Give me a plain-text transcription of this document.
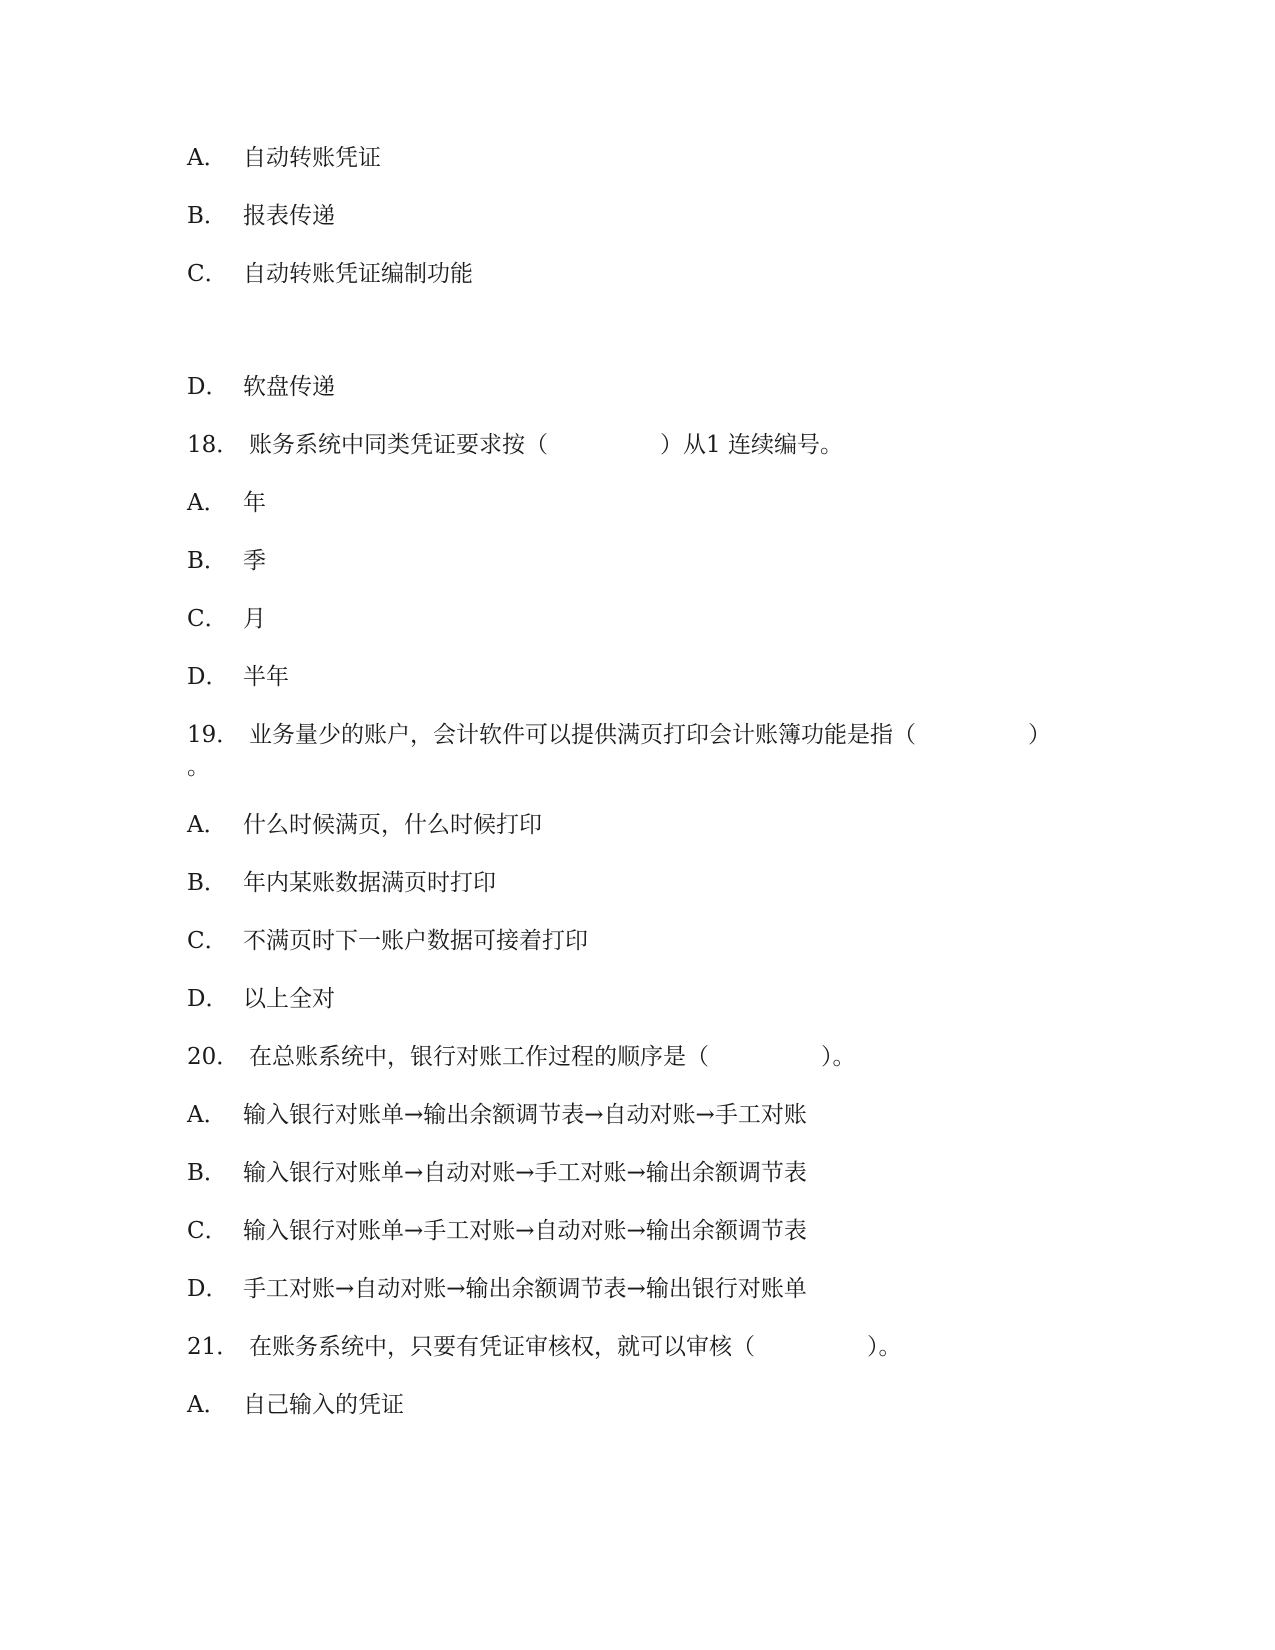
A． 自动转账凭证
B． 报表传递
C． 自动转账凭证编制功能
D． 软盘传递
18． 账务系统中同类凭证要求按（	）从1 连续编号。
A． 年
B． 季
C． 月
D． 半年
19． 业务量少的账户，会计软件可以提供满页打印会计账簿功能是指（	）
。
A． 什么时候满页，什么时候打印
B． 年内某账数据满页时打印
C． 不满页时下一账户数据可接着打印
D． 以上全对
20． 在总账系统中，银行对账工作过程的顺序是（	）。
A． 输入银行对账单→输出余额调节表→自动对账→手工对账
B． 输入银行对账单→自动对账→手工对账→输出余额调节表
C． 输入银行对账单→手工对账→自动对账→输出余额调节表
D． 手工对账→自动对账→输出余额调节表→输出银行对账单
21． 在账务系统中，只要有凭证审核权，就可以审核（	）。
A． 自己输入的凭证
